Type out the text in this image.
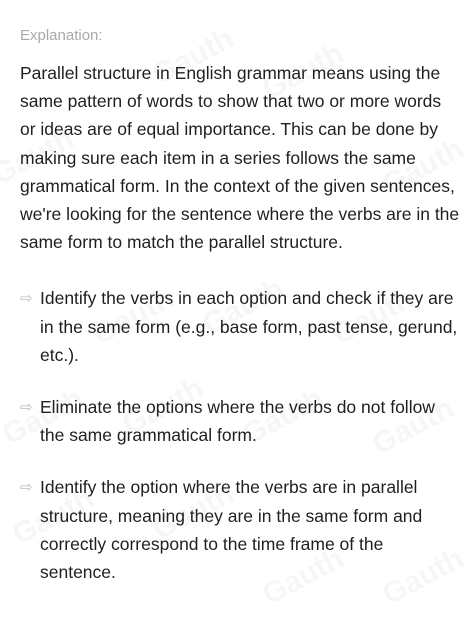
Explanation:

Parallel structure in English grammar means using the same pattern of words to show that two or more words or ideas are of equal importance. This can be done by making sure each item in a series follows the same grammatical form. In the context of the given sentences, we're looking for the sentence where the verbs are in the same form to match the parallel structure.

⇨ Identify the verbs in each option and check if they are in the same form (e.g., base form, past tense, gerund, etc.).

⇨ Eliminate the options where the verbs do not follow the same grammatical form.

⇨ Identify the option where the verbs are in parallel structure, meaning they are in the same form and correctly correspond to the time frame of the sentence.
